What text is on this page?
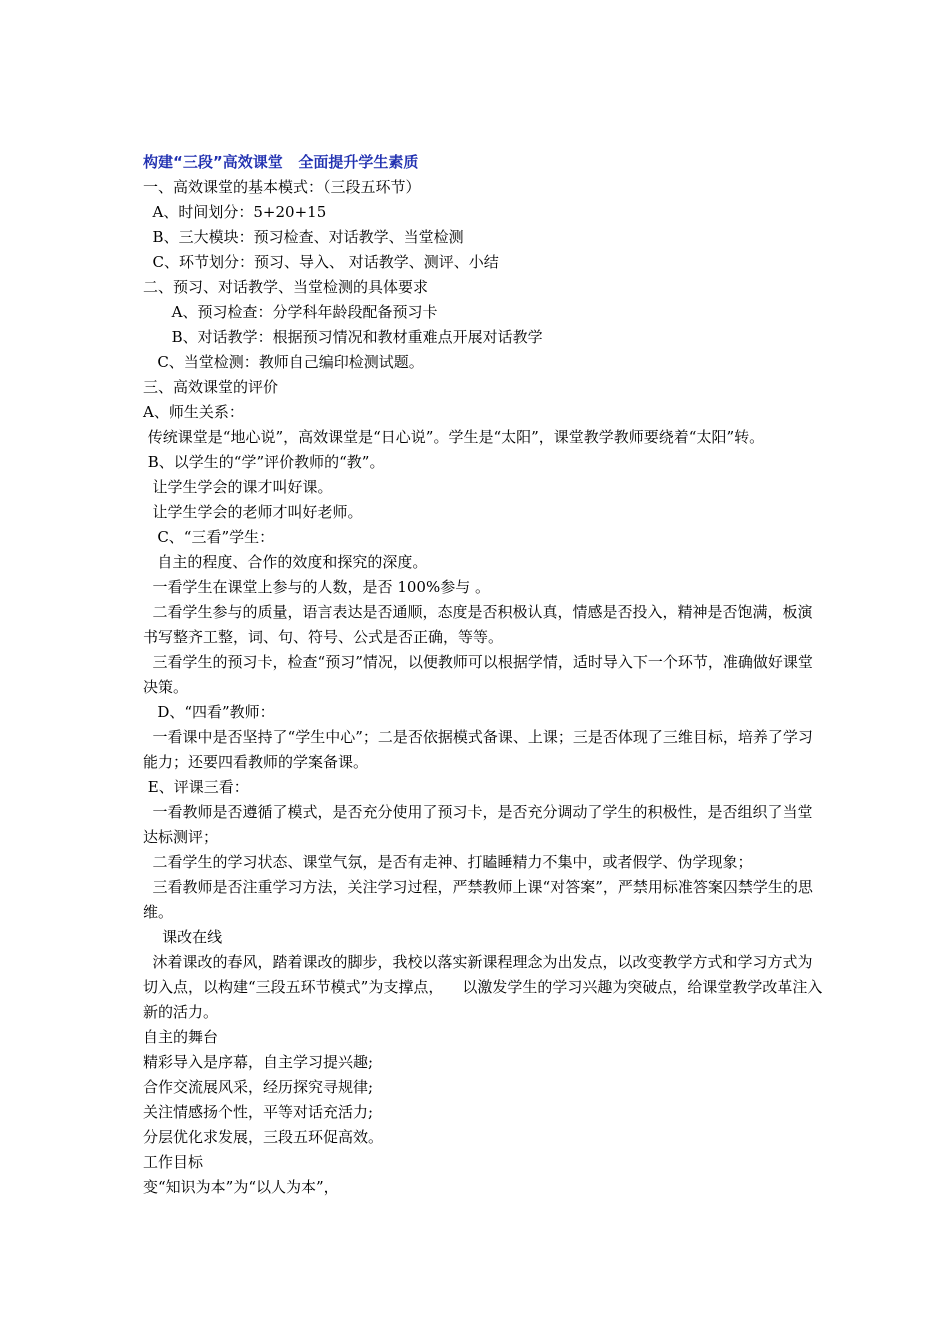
构建“三段”高效课堂   全面提升学生素质
一、高效课堂的基本模式：（三段五环节）
A、时间划分：5+20+15
B、三大模块：预习检查、对话教学、当堂检测
C、环节划分：预习、导入、 对话教学、测评、小结
二、预习、对话教学、当堂检测的具体要求
A、预习检查：分学科年龄段配备预习卡
B、对话教学：根据预习情况和教材重难点开展对话教学
C、当堂检测：教师自己编印检测试题。
三、高效课堂的评价
A、师生关系：
传统课堂是“地心说”，高效课堂是“日心说”。学生是“太阳”，课堂教学教师要绕着“太阳”转。
B、以学生的“学”评价教师的“教”。
让学生学会的课才叫好课。
让学生学会的老师才叫好老师。
C、“三看”学生：
自主的程度、合作的效度和探究的深度。
一看学生在课堂上参与的人数，是否 100%参与 。
二看学生参与的质量，语言表达是否通顺，态度是否积极认真，情感是否投入，精神是否饱满，板演书写整齐工整，词、句、符号、公式是否正确，等等。
三看学生的预习卡，检查“预习”情况，以便教师可以根据学情，适时导入下一个环节，准确做好课堂决策。
D、“四看”教师：
一看课中是否坚持了“学生中心”；二是否依据模式备课、上课；三是否体现了三维目标，培养了学习能力；还要四看教师的学案备课。
E、评课三看：
一看教师是否遵循了模式，是否充分使用了预习卡，是否充分调动了学生的积极性，是否组织了当堂达标测评；
二看学生的学习状态、课堂气氛，是否有走神、打瞌睡精力不集中，或者假学、伪学现象；
三看教师是否注重学习方法，关注学习过程，严禁教师上课“对答案”，严禁用标准答案囚禁学生的思维。
课改在线
沐着课改的春风，踏着课改的脚步，我校以落实新课程理念为出发点，以改变教学方式和学习方式为切入点，以构建“三段五环节模式”为支撑点，    以激发学生的学习兴趣为突破点，给课堂教学改革注入新的活力。
自主的舞台
精彩导入是序幕，自主学习提兴趣;
合作交流展风采，经历探究寻规律;
关注情感扬个性，平等对话充活力;
分层优化求发展，三段五环促高效。
工作目标
变“知识为本”为“以人为本”，
